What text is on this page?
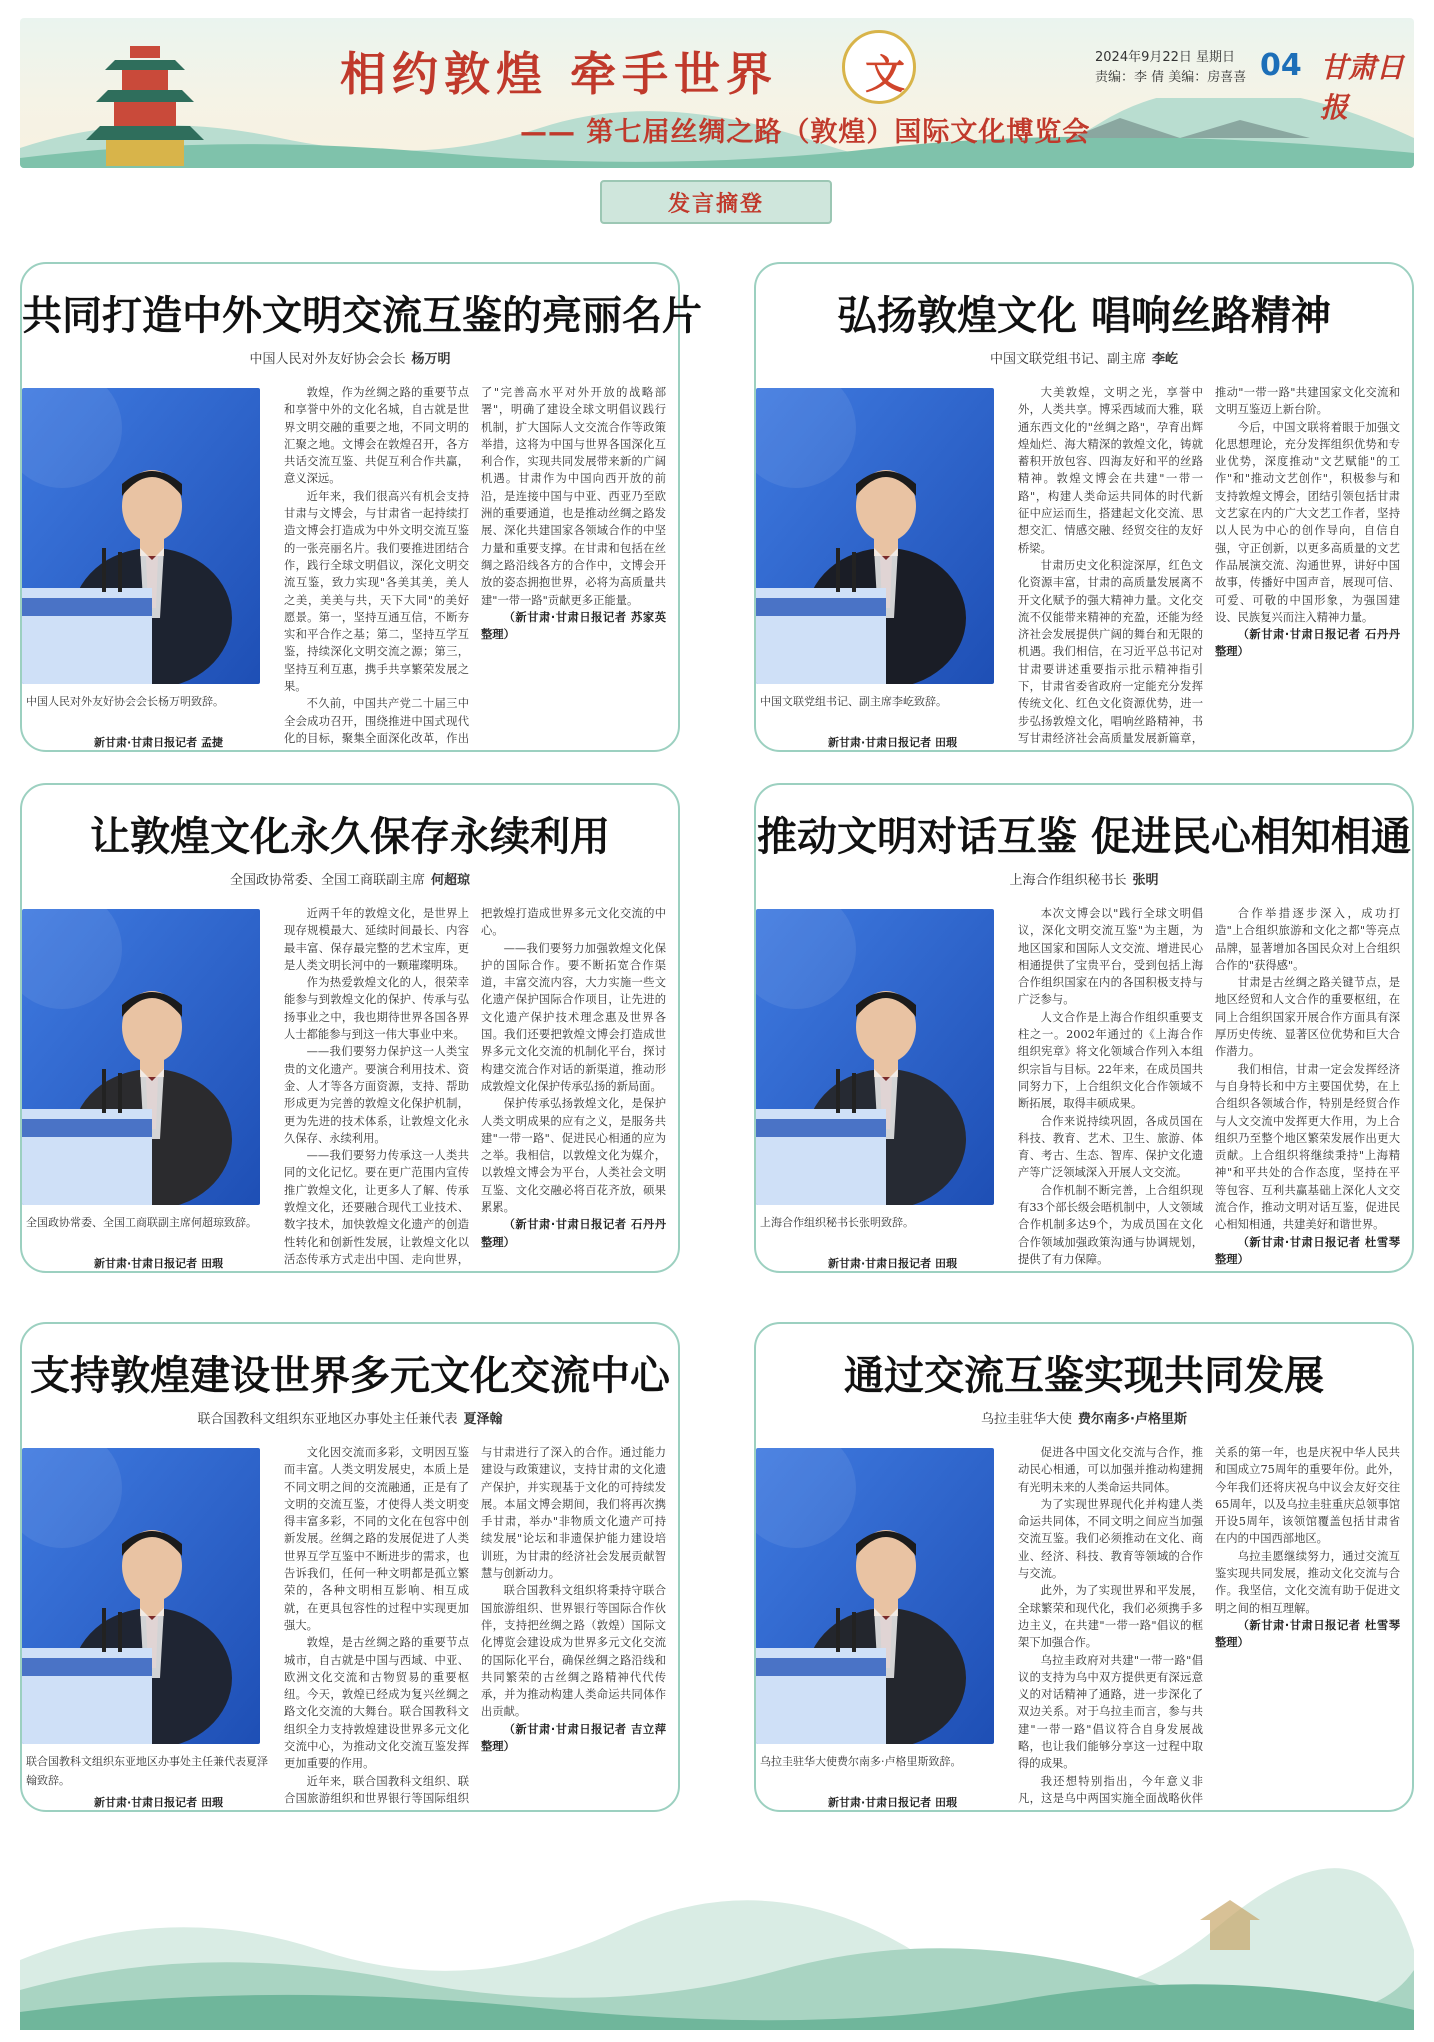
相约敦煌 牵手世界 文
—— 第七届丝绸之路（敦煌）国际文化博览会
2024年9月22日 星期日
责编：李 倩 美编：房喜喜 04 甘肃日报
发言摘登
共同打造中外文明交流互鉴的亮丽名片
中国人民对外友好协会会长 杨万明
中国人民对外友好协会会长杨万明致辞。
新甘肃·甘肃日报记者 孟捷

敦煌，作为丝绸之路的重要节点和享誉中外的文化名城，自古就是世界文明交融的重要之地，不同文明的汇聚之地。文博会在敦煌召开，各方共话交流互鉴、共促互利合作共赢，意义深远。

近年来，我们很高兴有机会支持甘肃与文博会，与甘肃省一起持续打造文博会打造成为中外文明交流互鉴的一张亮丽名片。我们要推进团结合作，践行全球文明倡议，深化文明交流互鉴，致力实现"各美其美，美人之美，美美与共，天下大同"的美好愿景。第一，坚持互通互信，不断夯实和平合作之基；第二，坚持互学互鉴，持续深化文明交流之源；第三，坚持互利互惠，携手共享繁荣发展之果。

不久前，中国共产党二十届三中全会成功召开，围绕推进中国式现代化的目标，聚集全面深化改革，作出了"完善高水平对外开放的战略部署"，明确了建设全球文明倡议践行机制，扩大国际人文交流合作等政策举措，这将为中国与世界各国深化互利合作，实现共同发展带来新的广阔机遇。甘肃作为中国向西开放的前沿，是连接中国与中亚、西亚乃至欧洲的重要通道，也是推动丝绸之路发展、深化共建国家各领域合作的中坚力量和重要支撑。在甘肃和包括在丝绸之路沿线各方的合作中，文博会开放的姿态拥抱世界，必将为高质量共建"一带一路"贡献更多正能量。

（新甘肃·甘肃日报记者 苏家英 整理）

弘扬敦煌文化 唱响丝路精神
中国文联党组书记、副主席 李屹
中国文联党组书记、副主席李屹致辞。
新甘肃·甘肃日报记者 田瑕

大美敦煌，文明之光，享誉中外，人类共享。博采西域而大雅，联通东西文化的"丝绸之路"，孕育出辉煌灿烂、海大精深的敦煌文化，铸就蓄积开放包容、四海友好和平的丝路精神。敦煌文博会在共建"一带一路"，构建人类命运共同体的时代新征中应运而生，搭建起文化交流、思想交汇、情感交融、经贸交往的友好桥梁。

甘肃历史文化积淀深厚，红色文化资源丰富，甘肃的高质量发展离不开文化赋予的强大精神力量。文化交流不仅能带来精神的充盈，还能为经济社会发展提供广阔的舞台和无限的机遇。我们相信，在习近平总书记对甘肃要讲述重要指示批示精神指引下，甘肃省委省政府一定能充分发挥传统文化、红色文化资源优势，进一步弘扬敦煌文化，唱响丝路精神，书写甘肃经济社会高质量发展新篇章，推动"一带一路"共建国家文化交流和文明互鉴迈上新台阶。

今后，中国文联将着眼于加强文化思想理论，充分发挥组织优势和专业优势，深度推动"文艺赋能"的工作"和"推动文艺创作"，积极参与和支持敦煌文博会，团结引领包括甘肃文艺家在内的广大文艺工作者，坚持以人民为中心的创作导向，自信自强，守正创新，以更多高质量的文艺作品展演交流、沟通世界，讲好中国故事，传播好中国声音，展现可信、可爱、可敬的中国形象，为强国建设、民族复兴而注入精神力量。

（新甘肃·甘肃日报记者 石丹丹 整理）

让敦煌文化永久保存永续利用
全国政协常委、全国工商联副主席 何超琼
全国政协常委、全国工商联副主席何超琼致辞。
新甘肃·甘肃日报记者 田瑕

近两千年的敦煌文化，是世界上现存规模最大、延续时间最长、内容最丰富、保存最完整的艺术宝库，更是人类文明长河中的一颗璀璨明珠。

作为热爱敦煌文化的人，很荣幸能参与到敦煌文化的保护、传承与弘扬事业之中，我也期待世界各国各界人士都能参与到这一伟大事业中来。

——我们要努力保护这一人类宝贵的文化遗产。要演合利用技术、资金、人才等各方面资源，支持、帮助形成更为完善的敦煌文化保护机制，更为先进的技术体系，让敦煌文化永久保存、永续利用。

——我们要努力传承这一人类共同的文化记忆。要在更广范围内宣传推广敦煌文化，让更多人了解、传承敦煌文化，还要融合现代工业技术、数字技术，加快敦煌文化遗产的创造性转化和创新性发展，让敦煌文化以活态传承方式走出中国、走向世界，把敦煌打造成世界多元文化交流的中心。

——我们要努力加强敦煌文化保护的国际合作。要不断拓宽合作渠道，丰富交流内容，大力实施一些文化遗产保护国际合作项目，让先进的文化遗产保护技术理念惠及世界各国。我们还要把敦煌文博会打造成世界多元文化交流的机制化平台，探讨构建交流合作对话的新渠道，推动形成敦煌文化保护传承弘扬的新局面。

保护传承弘扬敦煌文化，是保护人类文明成果的应有之义，是服务共建"一带一路"、促进民心相通的应为之举。我相信，以敦煌文化为媒介，以敦煌文博会为平台，人类社会文明互鉴、文化交融必将百花齐放，硕果累累。

（新甘肃·甘肃日报记者 石丹丹 整理）

推动文明对话互鉴 促进民心相知相通
上海合作组织秘书长 张明
上海合作组织秘书长张明致辞。
新甘肃·甘肃日报记者 田瑕

本次文博会以"践行全球文明倡议，深化文明交流互鉴"为主题，为地区国家和国际人文交流、增进民心相通提供了宝贵平台，受到包括上海合作组织国家在内的各国积极支持与广泛参与。

人文合作是上海合作组织重要支柱之一。2002年通过的《上海合作组织宪章》将文化领域合作列入本组织宗旨与目标。22年来，在成员国共同努力下，上合组织文化合作领域不断拓展，取得丰硕成果。

合作来说持续巩固，各成员国在科技、教育、艺术、卫生、旅游、体育、考古、生态、智库、保护文化遗产等广泛领域深入开展人文交流。

合作机制不断完善，上合组织现有33个部长级会晤机制中，人文领域合作机制多达9个，为成员国在文化合作领域加强政策沟通与协调规划，提供了有力保障。

合作举措逐步深入，成功打造"上合组织旅游和文化之都"等亮点品牌，显著增加各国民众对上合组织合作的"获得感"。

甘肃是古丝绸之路关键节点，是地区经贸和人文合作的重要枢纽，在同上合组织国家开展合作方面具有深厚历史传统、显著区位优势和巨大合作潜力。

我们相信，甘肃一定会发挥经济与自身特长和中方主要国优势，在上合组织各领域合作，特别是经贸合作与人文交流中发挥更大作用，为上合组织乃至整个地区繁荣发展作出更大贡献。上合组织将继续秉持"上海精神"和平共处的合作态度，坚持在平等包容、互利共赢基础上深化人文交流合作，推动文明对话互鉴，促进民心相知相通，共建美好和谐世界。

（新甘肃·甘肃日报记者 杜雪琴 整理）

支持敦煌建设世界多元文化交流中心
联合国教科文组织东亚地区办事处主任兼代表 夏泽翰
联合国教科文组织东亚地区办事处主任兼代表夏泽翰致辞。
新甘肃·甘肃日报记者 田瑕

文化因交流而多彩，文明因互鉴而丰富。人类文明发展史，本质上是不同文明之间的交流融通，正是有了文明的交流互鉴，才使得人类文明变得丰富多彩，不同的文化在包容中创新发展。丝绸之路的发展促进了人类世界互学互鉴中不断进步的需求，也告诉我们，任何一种文明都是孤立繁荣的，各种文明相互影响、相互成就，在更具包容性的过程中实现更加强大。

敦煌，是古丝绸之路的重要节点城市，自古就是中国与西域、中亚、欧洲文化交流和古物贸易的重要枢纽。今天，敦煌已经成为复兴丝绸之路文化交流的大舞台。联合国教科文组织全力支持敦煌建设世界多元文化交流中心，为推动文化交流互鉴发挥更加重要的作用。

近年来，联合国教科文组织、联合国旅游组织和世界银行等国际组织与甘肃进行了深入的合作。通过能力建设与政策建议，支持甘肃的文化遗产保护，并实现基于文化的可持续发展。本届文博会期间，我们将再次携手甘肃，举办"非物质文化遗产可持续发展"论坛和非遗保护能力建设培训班，为甘肃的经济社会发展贡献智慧与创新动力。

联合国教科文组织将秉持守联合国旅游组织、世界银行等国际合作伙伴，支持把丝绸之路（敦煌）国际文化博览会建设成为世界多元文化交流的国际化平台，确保丝绸之路沿线和共同繁荣的古丝绸之路精神代代传承，并为推动构建人类命运共同体作出贡献。

（新甘肃·甘肃日报记者 吉立萍 整理）

通过交流互鉴实现共同发展
乌拉圭驻华大使 费尔南多·卢格里斯
乌拉圭驻华大使费尔南多·卢格里斯致辞。
新甘肃·甘肃日报记者 田瑕

促进各中国文化交流与合作，推动民心相通，可以加强并推动构建拥有光明未来的人类命运共同体。

为了实现世界现代化并构建人类命运共同体，不同文明之间应当加强交流互鉴。我们必须推动在文化、商业、经济、科技、教育等领域的合作与交流。

此外，为了实现世界和平发展，全球繁荣和现代化，我们必须携手多边主义，在共建"一带一路"倡议的框架下加强合作。

乌拉圭政府对共建"一带一路"倡议的支持为乌中双方提供更有深远意义的对话精神了通路，进一步深化了双边关系。对于乌拉圭而言，参与共建"一带一路"倡议符合自身发展战略，也让我们能够分享这一过程中取得的成果。

我还想特别指出，今年意义非凡，这是乌中两国实施全面战略伙伴关系的第一年，也是庆祝中华人民共和国成立75周年的重要年份。此外，今年我们还将庆祝乌中议会友好交往65周年，以及乌拉圭驻重庆总领事馆开设5周年，该领馆覆盖包括甘肃省在内的中国西部地区。

乌拉圭愿继续努力，通过交流互鉴实现共同发展，推动文化交流与合作。我坚信，文化交流有助于促进文明之间的相互理解。

（新甘肃·甘肃日报记者 杜雪琴 整理）
